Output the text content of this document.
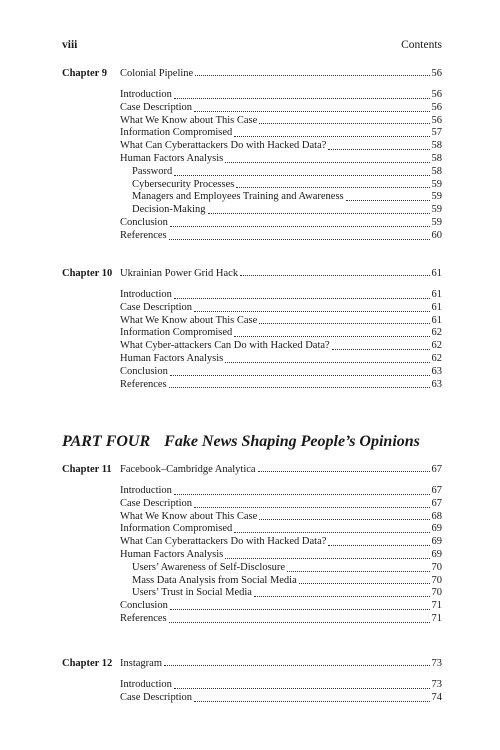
viii	Contents
Chapter 9 Colonial Pipeline	56
Introduction	56
Case Description	56
What We Know about This Case	56
Information Compromised	57
What Can Cyberattackers Do with Hacked Data?	58
Human Factors Analysis	58
Password	58
Cybersecurity Processes	59
Managers and Employees Training and Awareness	59
Decision-Making	59
Conclusion	59
References	60
Chapter 10 Ukrainian Power Grid Hack	61
Introduction	61
Case Description	61
What We Know about This Case	61
Information Compromised	62
What Cyber-attackers Can Do with Hacked Data?	62
Human Factors Analysis	62
Conclusion	63
References	63
PART FOUR Fake News Shaping People’s Opinions
Chapter 11 Facebook–Cambridge Analytica	67
Introduction	67
Case Description	67
What We Know about This Case	68
Information Compromised	69
What Can Cyberattackers Do with Hacked Data?	69
Human Factors Analysis	69
Users’ Awareness of Self-Disclosure	70
Mass Data Analysis from Social Media	70
Users’ Trust in Social Media	70
Conclusion	71
References	71
Chapter 12 Instagram	73
Introduction	73
Case Description	74
